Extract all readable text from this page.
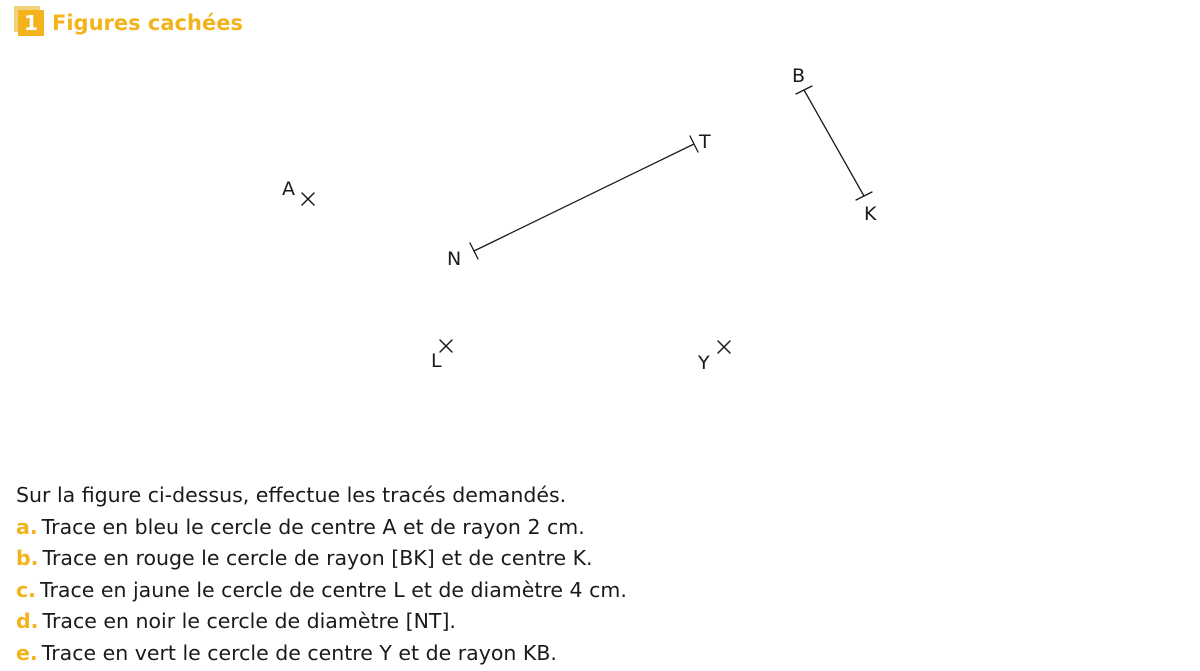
1 Figures cachées
A
N
T
B
K
L	Y
Sur la figure ci-dessus, effectue les tracés demandés.
a. Trace en bleu le cercle de centre A et de rayon 2 cm.
b. Trace en rouge le cercle de rayon [BK] et de centre K.
c. Trace en jaune le cercle de centre L et de diamètre 4 cm.
d. Trace en noir le cercle de diamètre [NT].
e. Trace en vert le cercle de centre Y et de rayon KB.
